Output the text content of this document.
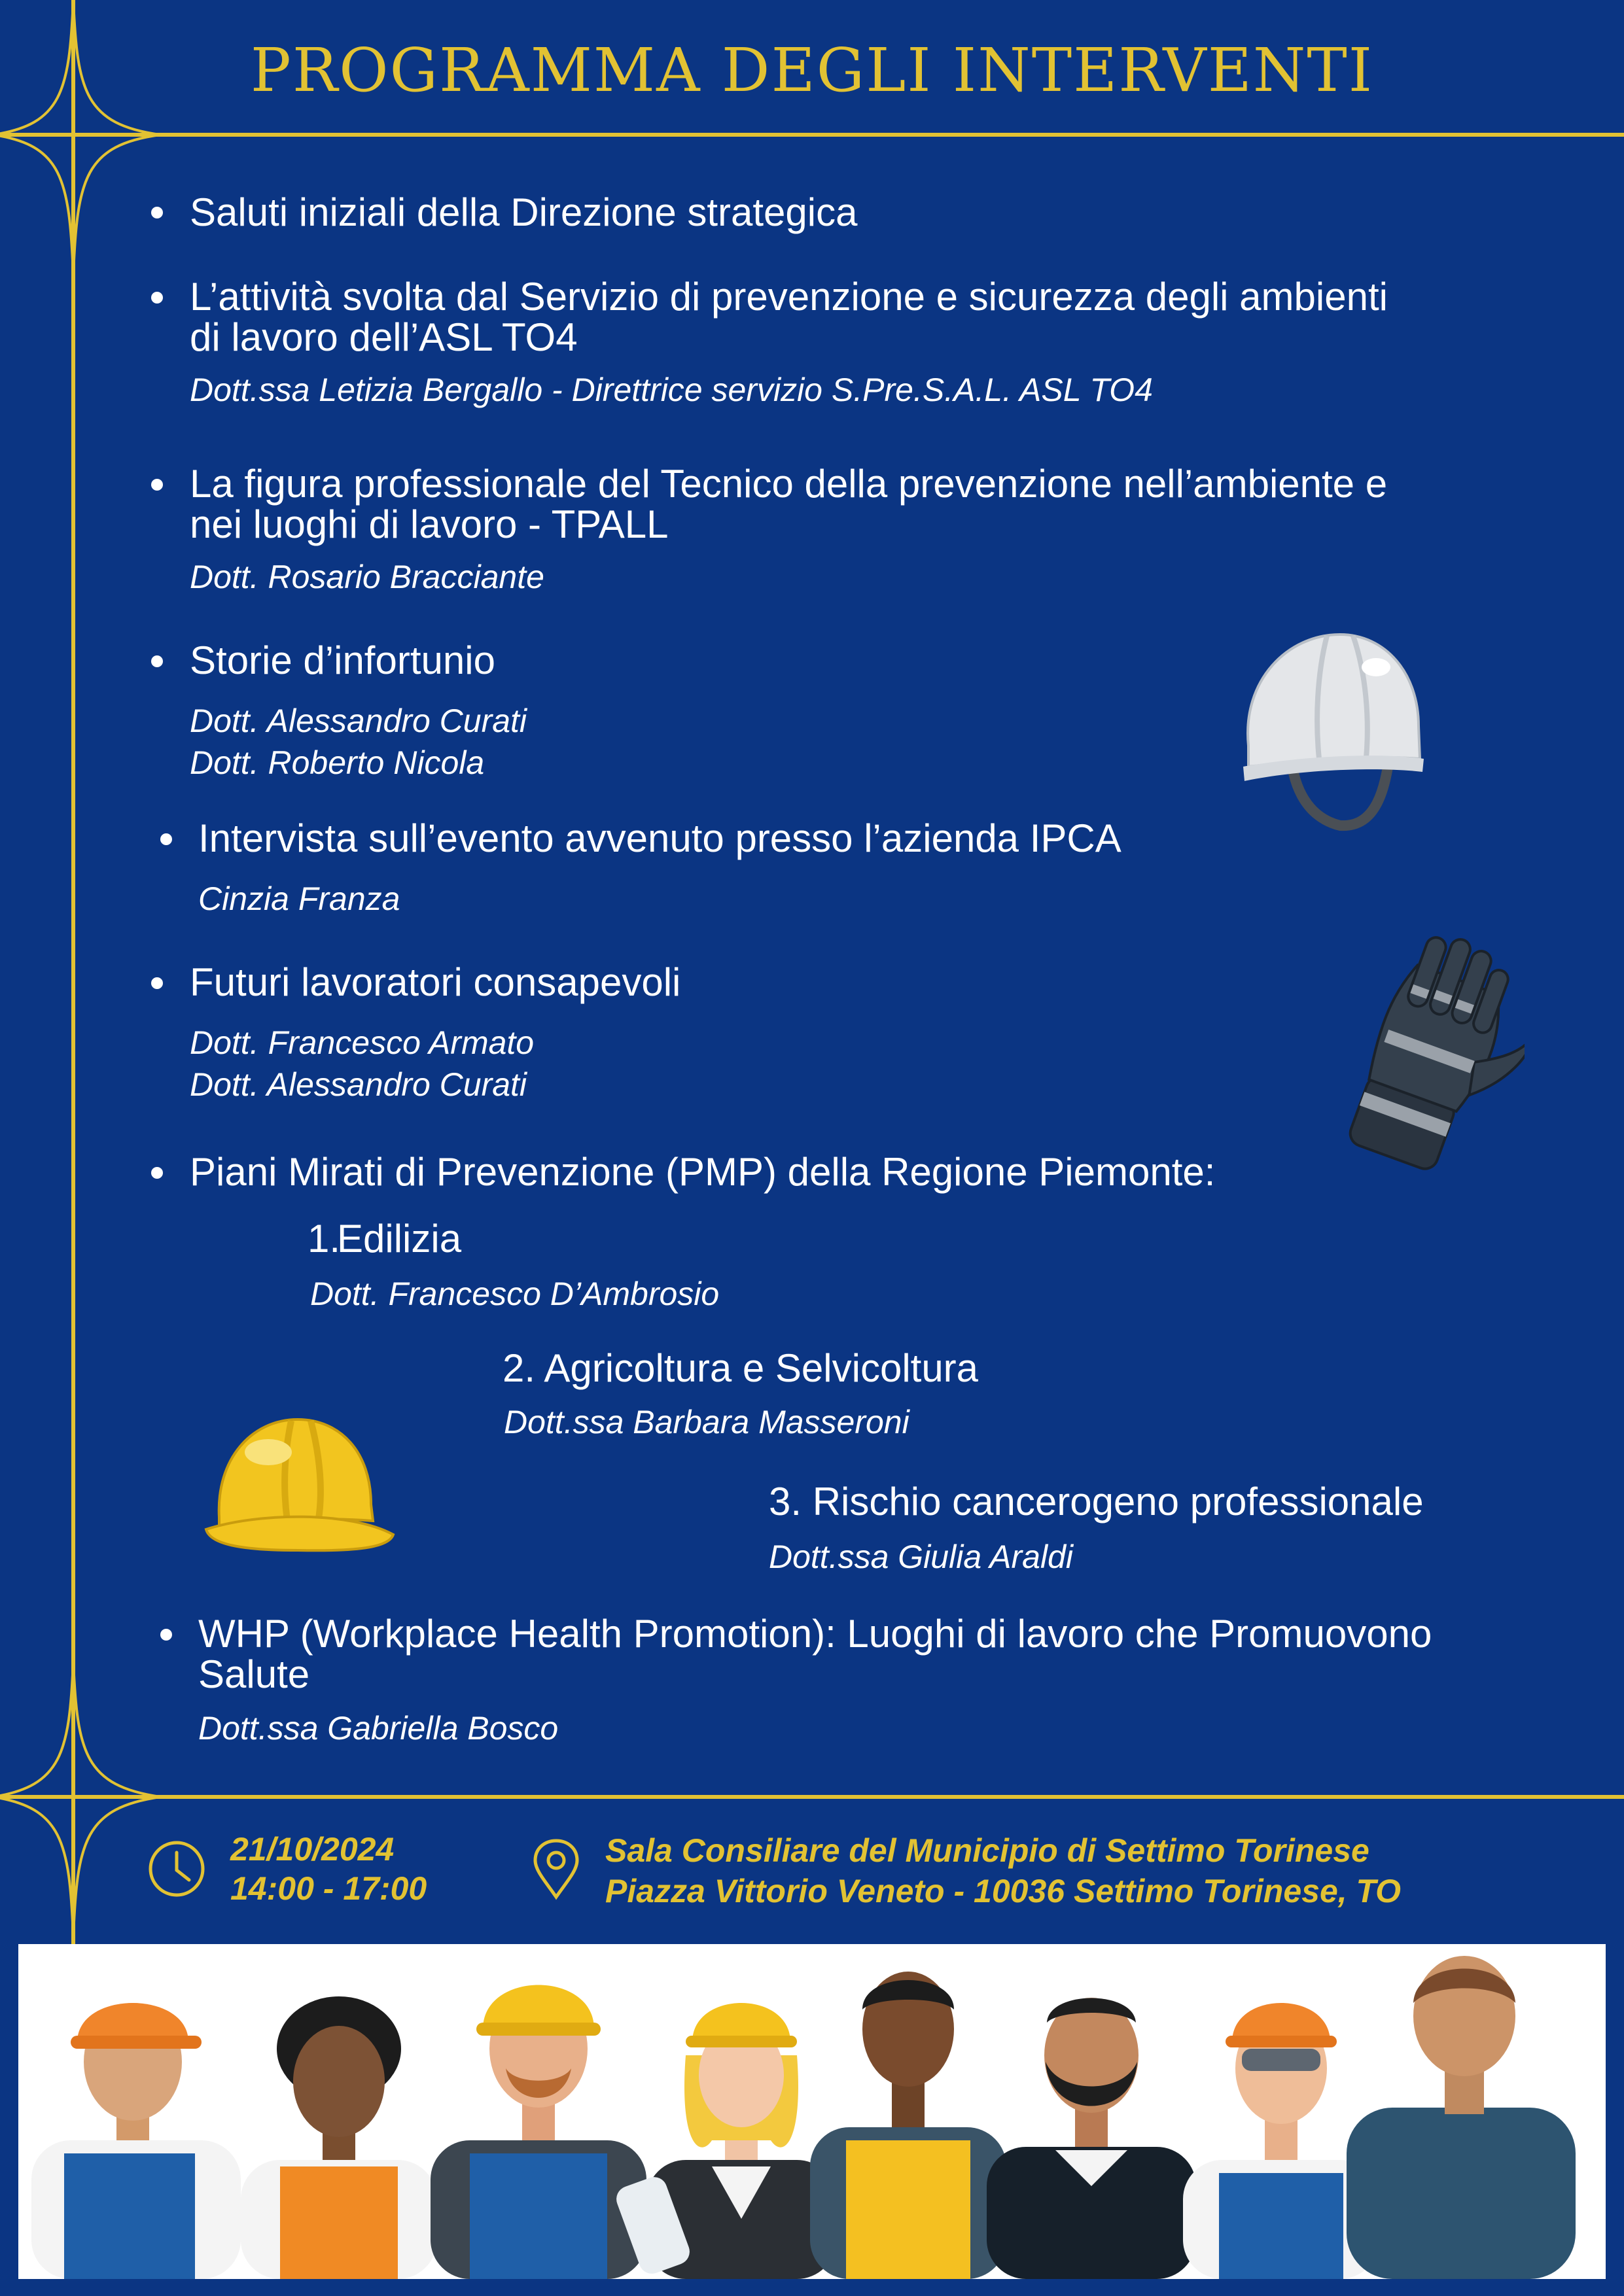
PROGRAMMA DEGLI INTERVENTI
Saluti iniziali della Direzione strategica
L’attività svolta dal Servizio di prevenzione e sicurezza degli ambienti
di lavoro dell’ASL TO4
Dott.ssa Letizia Bergallo - Direttrice servizio S.Pre.S.A.L. ASL TO4
La figura professionale del Tecnico della prevenzione nell’ambiente e
nei luoghi di lavoro - TPALL
Dott. Rosario Bracciante
Storie d’infortunio
Dott. Alessandro Curati
Dott. Roberto Nicola
Intervista sull’evento avvenuto presso l’azienda IPCA
Cinzia Franza
Futuri lavoratori consapevoli
Dott. Francesco Armato
Dott. Alessandro Curati
Piani Mirati di Prevenzione (PMP) della Regione Piemonte:
1.
Edilizia
Dott. Francesco D’Ambrosio
2. Agricoltura e Selvicoltura
Dott.ssa Barbara Masseroni
3. Rischio cancerogeno professionale
Dott.ssa Giulia Araldi
WHP (Workplace Health Promotion): Luoghi di lavoro che Promuovono
Salute
Dott.ssa Gabriella Bosco
21/10/2024
14:00 - 17:00
Sala Consiliare del Municipio di Settimo Torinese
Piazza Vittorio Veneto - 10036 Settimo Torinese, TO
